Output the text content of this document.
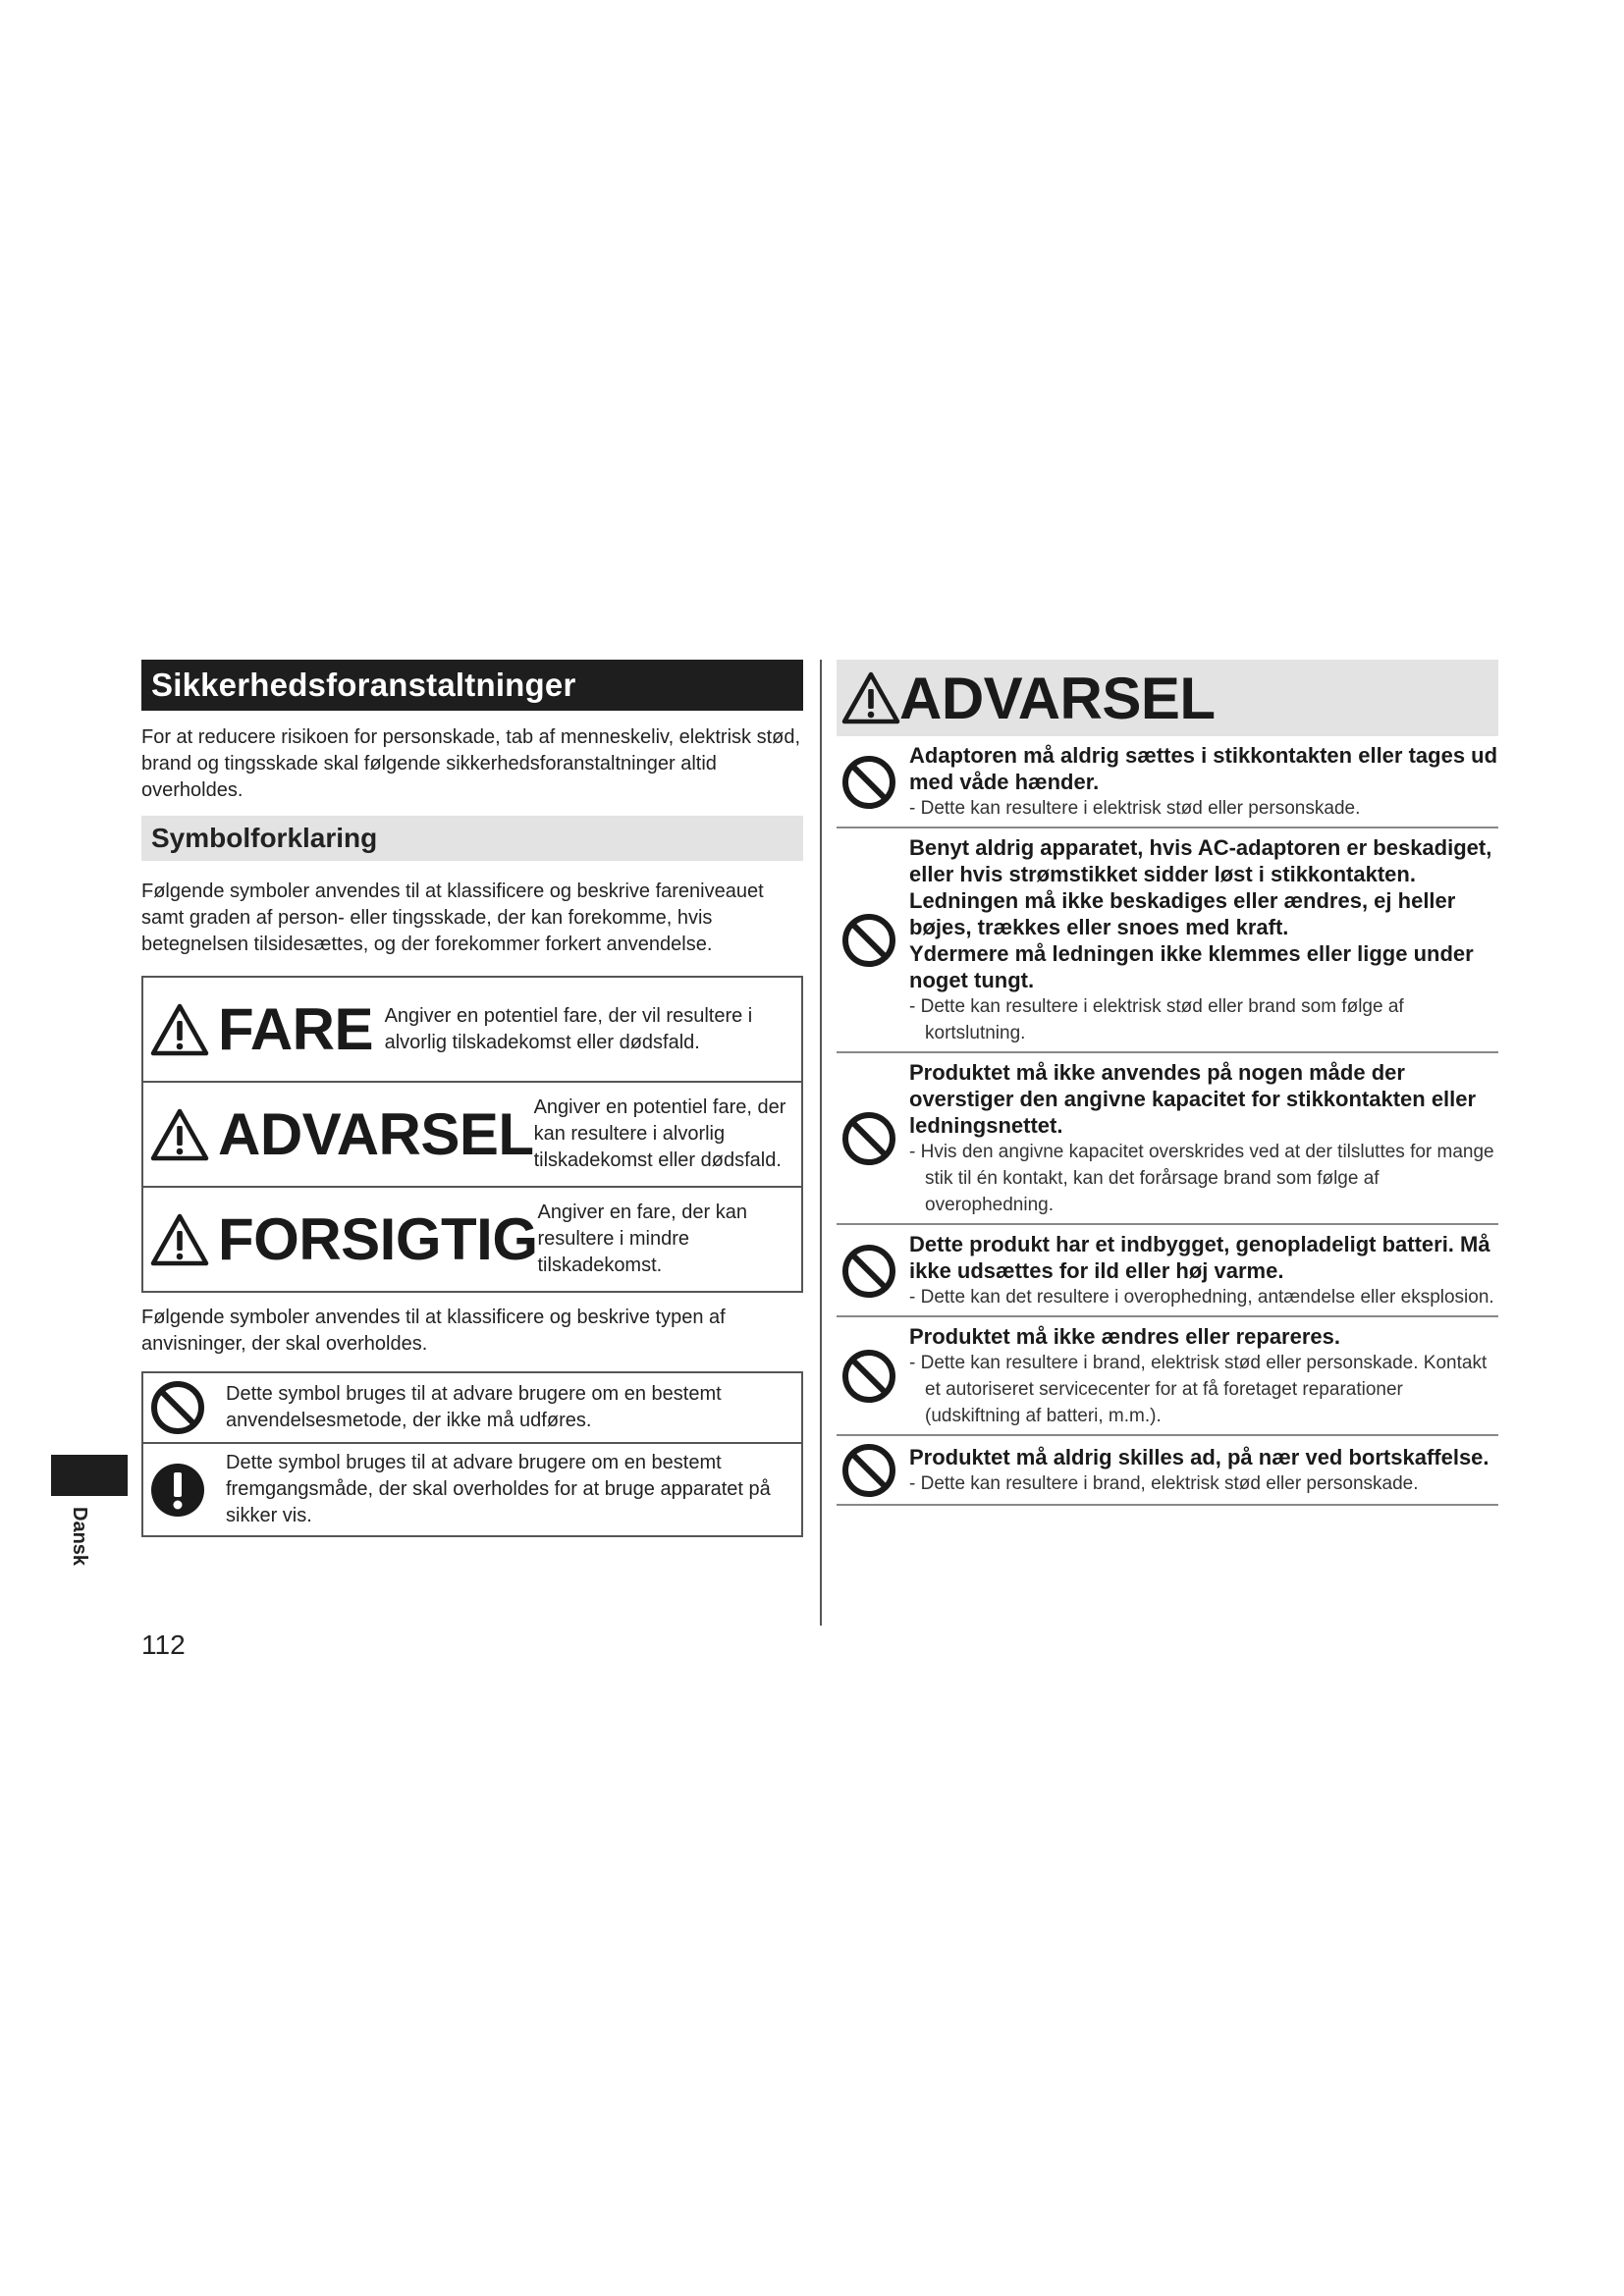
Sikkerhedsforanstaltninger

For at reducere risikoen for personskade, tab af menneskeliv, elektrisk stød, brand og tingsskade skal følgende sikkerhedsforanstaltninger altid overholdes.

Symbolforklaring

Følgende symboler anvendes til at klassificere og beskrive fareniveauet samt graden af person- eller tingsskade, der kan forekomme, hvis betegnelsen tilsidesættes, og der forekommer forkert anvendelse.

FARE Angiver en potentiel fare, der vil resultere i alvorlig tilskadekomst eller dødsfald.
ADVARSEL Angiver en potentiel fare, der kan resultere i alvorlig tilskadekomst eller dødsfald.
FORSIGTIG Angiver en fare, der kan resultere i mindre tilskadekomst.

Følgende symboler anvendes til at klassificere og beskrive typen af anvisninger, der skal overholdes.

Dette symbol bruges til at advare brugere om en bestemt anvendelsesmetode, der ikke må udføres.
Dette symbol bruges til at advare brugere om en bestemt fremgangsmåde, der skal overholdes for at bruge apparatet på sikker vis.
ADVARSEL
Adaptoren må aldrig sættes i stikkontakten eller tages ud med våde hænder.
- Dette kan resultere i elektrisk stød eller personskade.
Benyt aldrig apparatet, hvis AC-adaptoren er beskadiget, eller hvis strømstikket sidder løst i stikkontakten.
Ledningen må ikke beskadiges eller ændres, ej heller bøjes, trækkes eller snoes med kraft.
Ydermere må ledningen ikke klemmes eller ligge under noget tungt.
- Dette kan resultere i elektrisk stød eller brand som følge af kortslutning.
Produktet må ikke anvendes på nogen måde der overstiger den angivne kapacitet for stikkontakten eller ledningsnettet.
- Hvis den angivne kapacitet overskrides ved at der tilsluttes for mange stik til én kontakt, kan det forårsage brand som følge af overophedning.
Dette produkt har et indbygget, genopladeligt batteri. Må ikke udsættes for ild eller høj varme.
- Dette kan det resultere i overophedning, antændelse eller eksplosion.
Produktet må ikke ændres eller repareres.
- Dette kan resultere i brand, elektrisk stød eller personskade. Kontakt et autoriseret servicecenter for at få foretaget reparationer (udskiftning af batteri, m.m.).
Produktet må aldrig skilles ad, på nær ved bortskaffelse.
- Dette kan resultere i brand, elektrisk stød eller personskade.
Dansk
112
